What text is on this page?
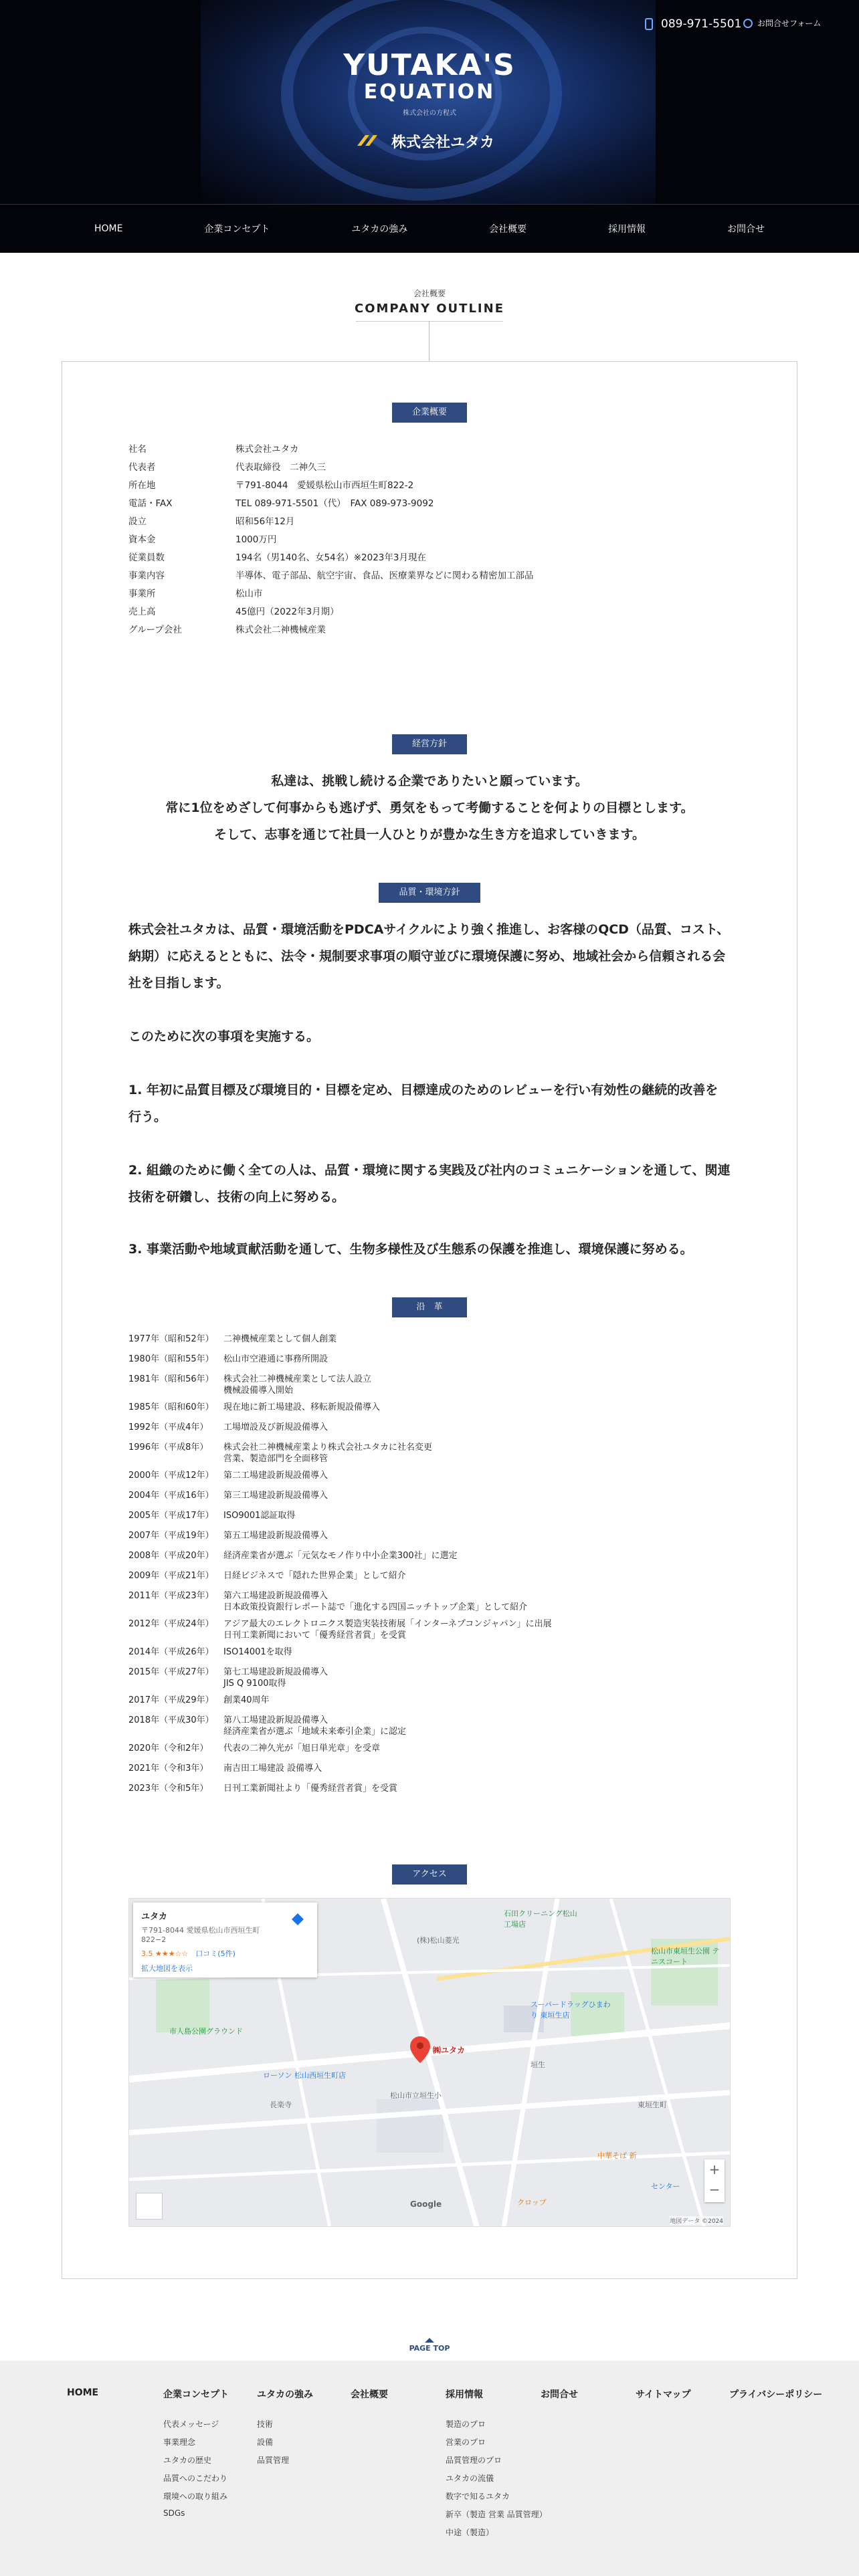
YUTAKA'S
EQUATION
株式会社の方程式
株式会社ユタカ
089-971-5501 お問合せフォーム
HOME	企業コンセプト	ユタカの強み	会社概要	採用情報	お問合せ
会社概要
COMPANY OUTLINE
企業概要
社名	株式会社ユタカ
代表者	代表取締役　二神久三
所在地	〒791-8044　愛媛県松山市西垣生町822-2
電話・FAX	TEL 089-971-5501（代）　FAX 089-973-9092
設立	昭和56年12月
資本金	1000万円
従業員数	194名（男140名、女54名）※2023年3月現在
事業内容	半導体、電子部品、航空宇宙、食品、医療業界などに関わる精密加工部品
事業所	松山市
売上高	45億円（2022年3月期）
グループ会社	株式会社二神機械産業
経営方針
私達は、挑戦し続ける企業でありたいと願っています。
常に1位をめざして何事からも逃げず、勇気をもって考働することを何よりの目標とします。
そして、志事を通じて社員一人ひとりが豊かな生き方を追求していきます。
品質・環境方針
株式会社ユタカは、品質・環境活動をPDCAサイクルにより強く推進し、お客様のQCD（品質、コスト、納期）に応えるとともに、法令・規制要求事項の順守並びに環境保護に努め、地域社会から信頼される会社を目指します。
このために次の事項を実施する。
1. 年初に品質目標及び環境目的・目標を定め、目標達成のためのレビューを行い有効性の継続的改善を行う。
2. 組織のために働く全ての人は、品質・環境に関する実践及び社内のコミュニケーションを通して、関連技術を研鑽し、技術の向上に努める。
3. 事業活動や地域貢献活動を通して、生物多様性及び生態系の保護を推進し、環境保護に努める。
沿　革
1977年（昭和52年）	二神機械産業として個人創業
1980年（昭和55年）	松山市空港通に事務所開設
1981年（昭和56年）	株式会社二神機械産業として法人設立
機械設備導入開始
1985年（昭和60年）	現在地に新工場建設、移転新規設備導入
1992年（平成4年）	工場増設及び新規設備導入
1996年（平成8年）	株式会社二神機械産業より株式会社ユタカに社名変更
営業、製造部門を全面移管
2000年（平成12年）	第二工場建設新規設備導入
2004年（平成16年）	第三工場建設新規設備導入
2005年（平成17年）	ISO9001認証取得
2007年（平成19年）	第五工場建設新規設備導入
2008年（平成20年）	経済産業省が選ぶ「元気なモノ作り中小企業300社」に選定
2009年（平成21年）	日経ビジネスで「隠れた世界企業」として紹介
2011年（平成23年）	第六工場建設新規設備導入
日本政策投資銀行レポート誌で「進化する四国ニッチトップ企業」として紹介
2012年（平成24年）	アジア最大のエレクトロニクス製造実装技術展「インターネプコンジャパン」に出展
日刊工業新聞において「優秀経営者賞」を受賞
2014年（平成26年）	ISO14001を取得
2015年（平成27年）	第七工場建設新規設備導入
JIS Q 9100取得
2017年（平成29年）	創業40周年
2018年（平成30年）	第八工場建設新規設備導入
経済産業省が選ぶ「地域未来牽引企業」に認定
2020年（令和2年）	代表の二神久光が「旭日単光章」を受章
2021年（令和3年）	南吉田工場建設 設備導入
2023年（令和5年）	日刊工業新聞社より「優秀経営者賞」を受賞
アクセス
ユタカ
〒791-8044 愛媛県松山市西垣生町822−2
3.5 ★★★☆☆　 口コミ(5件)
拡大地図を表示
㈱ユタカ
石田クリーニング松山工場店
(株)松山菱光
スーパードラッグひまわり 東垣生店
ローソン 松山西垣生町店
市人島公園グラウンド
長楽寺
松山市立垣生小
東垣生町
中華そば 新
センター
クロップ
垣生
松山市東垣生公園 テニスコート
Google
+
−
地図データ ©2024
PAGE TOP
HOME	企業コンセプト
代表メッセージ
事業理念
ユタカの歴史
品質へのこだわり
環境への取り組み
SDGs
ユタカの強み
技術
設備
品質管理
会社概要	採用情報
製造のプロ
営業のプロ
品質管理のプロ
ユタカの流儀
数字で知るユタカ
新卒（製造 営業 品質管理）
中途（製造）
お問合せ	サイトマップ	プライバシーポリシー
